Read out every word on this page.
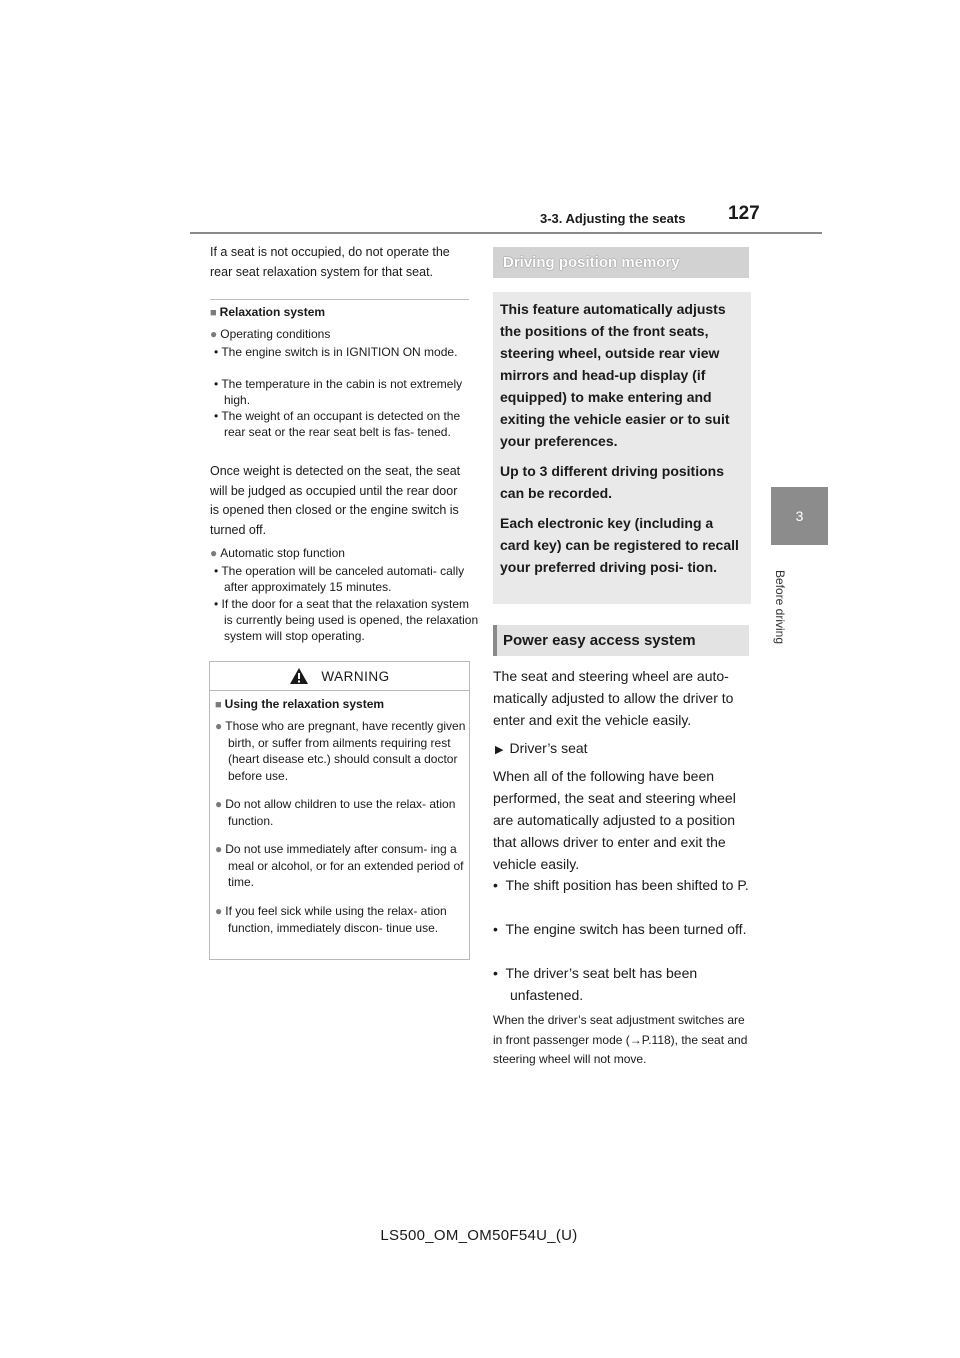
3-3. Adjusting the seats 127
3
Before driving
If a seat is not occupied, do not operate the rear seat relaxation system for that seat.
■ Relaxation system
● Operating conditions
• The engine switch is in IGNITION ON mode.
• The temperature in the cabin is not extremely high.
• The weight of an occupant is detected on the rear seat or the rear seat belt is fas- tened.
Once weight is detected on the seat, the seat will be judged as occupied until the rear door is opened then closed or the engine switch is turned off.
● Automatic stop function
• The operation will be canceled automati- cally after approximately 15 minutes.
• If the door for a seat that the relaxation system is currently being used is opened, the relaxation system will stop operating.
WARNING
■ Using the relaxation system
● Those who are pregnant, have recently given birth, or suffer from ailments requiring rest (heart disease etc.) should consult a doctor before use.
● Do not allow children to use the relax- ation function.
● Do not use immediately after consum- ing a meal or alcohol, or for an extended period of time.
● If you feel sick while using the relax- ation function, immediately discon- tinue use.
Driving position memory

This feature automatically adjusts the positions of the front seats, steering wheel, outside rear view mirrors and head-up display (if equipped) to make entering and exiting the vehicle easier or to suit your preferences.

Up to 3 different driving positions can be recorded.

Each electronic key (including a card key) can be registered to recall your preferred driving posi- tion.

Power easy access system
The seat and steering wheel are auto- matically adjusted to allow the driver to enter and exit the vehicle easily.
▶ Driver’s seat
When all of the following have been performed, the seat and steering wheel are automatically adjusted to a position that allows driver to enter and exit the vehicle easily.
•  The shift position has been shifted to P.
•  The engine switch has been turned off.
•  The driver’s seat belt has been unfastened.
When the driver’s seat adjustment switches are in front passenger mode (→P.118), the seat and steering wheel will not move.
LS500_OM_OM50F54U_(U)
